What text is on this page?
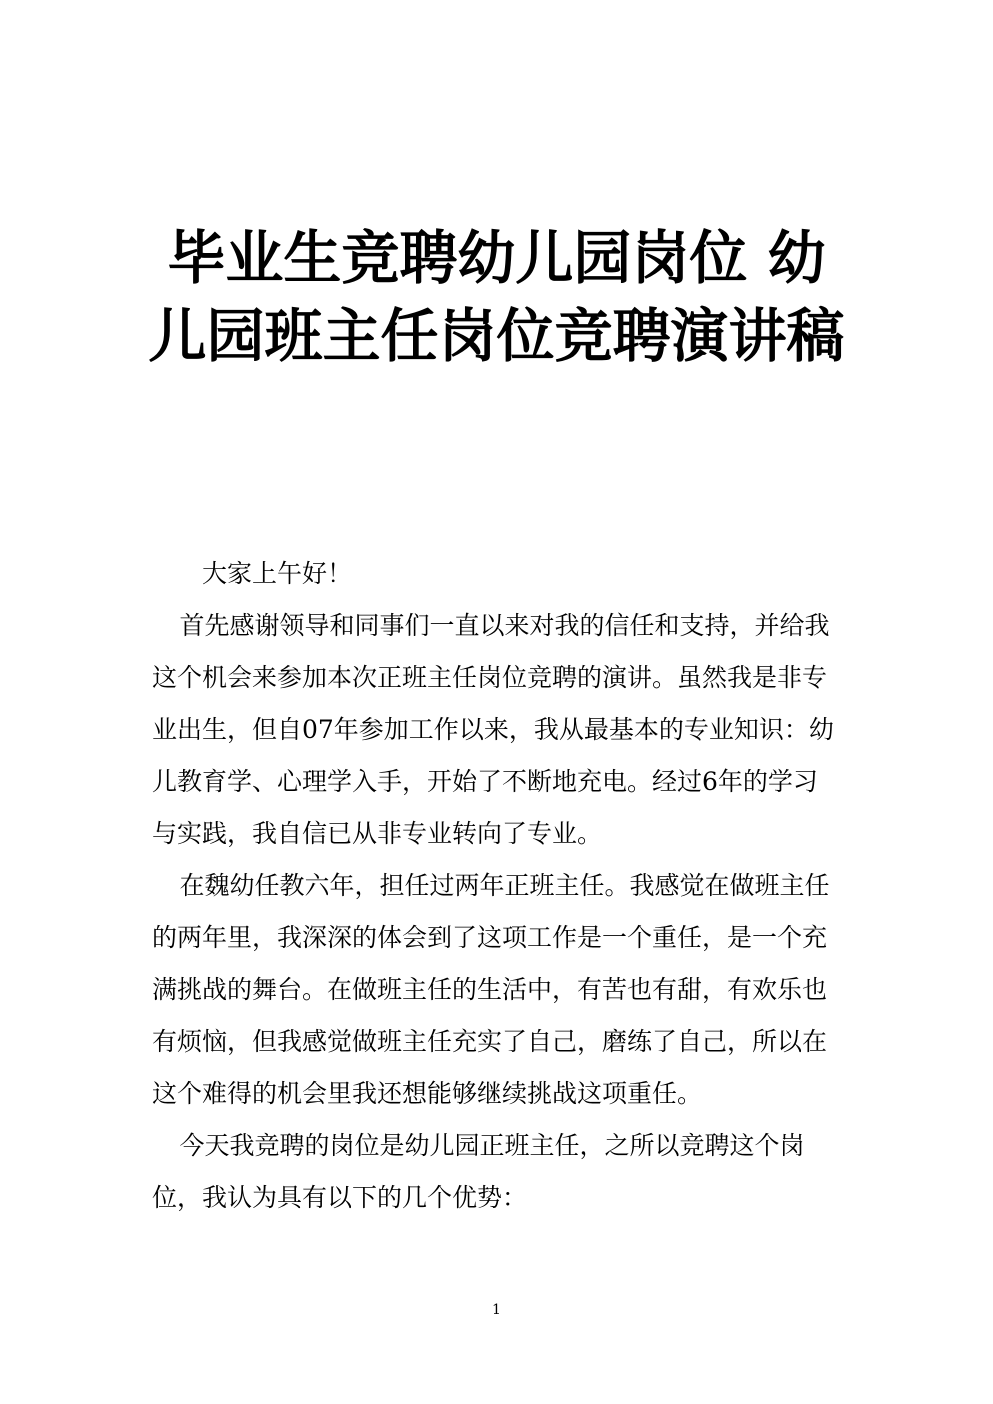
毕业生竞聘幼儿园岗位 幼儿园班主任岗位竞聘演讲稿

大家上午好！

首先感谢领导和同事们一直以来对我的信任和支持，并给我这个机会来参加本次正班主任岗位竞聘的演讲。虽然我是非专业出生，但自07年参加工作以来，我从最基本的专业知识：幼儿教育学、心理学入手，开始了不断地充电。经过6年的学习与实践，我自信已从非专业转向了专业。

在魏幼任教六年，担任过两年正班主任。我感觉在做班主任的两年里，我深深的体会到了这项工作是一个重任，是一个充满挑战的舞台。在做班主任的生活中，有苦也有甜，有欢乐也有烦恼，但我感觉做班主任充实了自己，磨练了自己，所以在这个难得的机会里我还想能够继续挑战这项重任。

今天我竞聘的岗位是幼儿园正班主任，之所以竞聘这个岗位，我认为具有以下的几个优势：

1
